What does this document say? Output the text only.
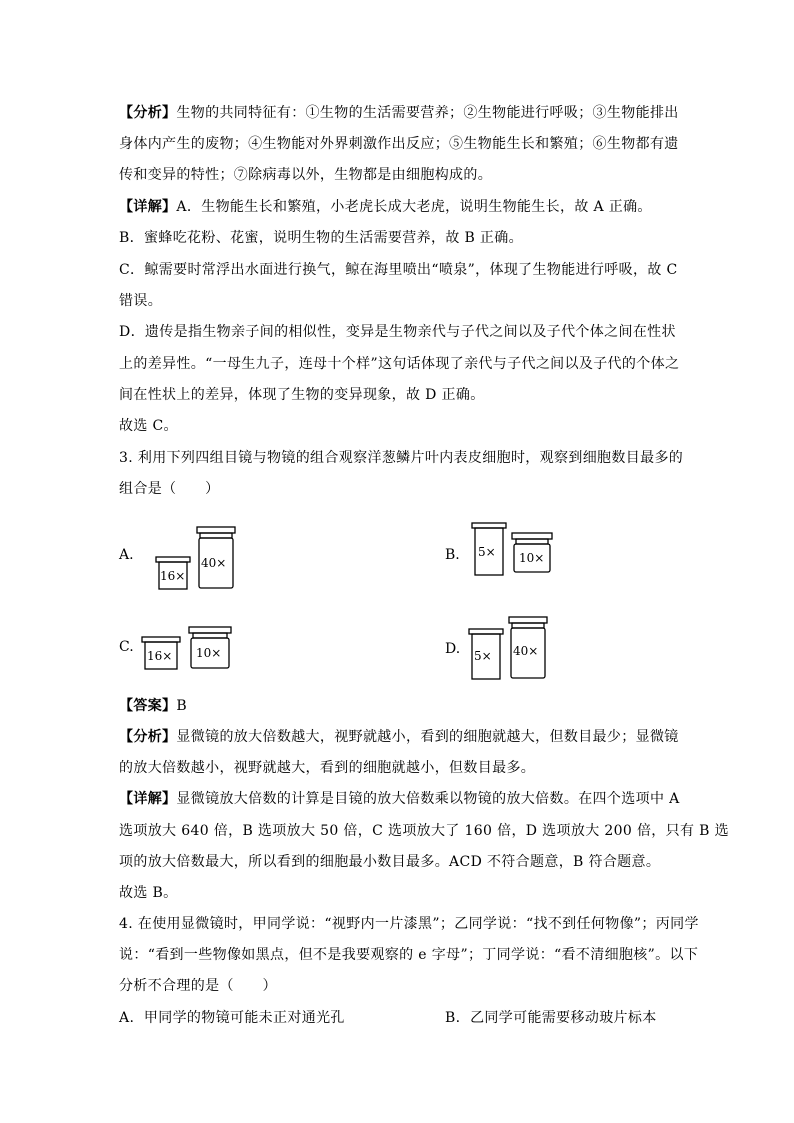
【分析】生物的共同特征有：①生物的生活需要营养；②生物能进行呼吸；③生物能排出
身体内产生的废物；④生物能对外界刺激作出反应；⑤生物能生长和繁殖；⑥生物都有遗
传和变异的特性；⑦除病毒以外，生物都是由细胞构成的。
【详解】A．生物能生长和繁殖，小老虎长成大老虎，说明生物能生长，故 A 正确。
B．蜜蜂吃花粉、花蜜，说明生物的生活需要营养，故 B 正确。
C．鲸需要时常浮出水面进行换气，鲸在海里喷出“喷泉”，体现了生物能进行呼吸，故 C
错误。
D．遗传是指生物亲子间的相似性，变异是生物亲代与子代之间以及子代个体之间在性状
上的差异性。“一母生九子，连母十个样”这句话体现了亲代与子代之间以及子代的个体之
间在性状上的差异，体现了生物的变异现象，故 D 正确。
故选 C。
3. 利用下列四组目镜与物镜的组合观察洋葱鳞片叶内表皮细胞时，观察到细胞数目最多的
组合是（　　）
A.
16×
40×	B. 5× 10×
C.
16× 10×	D. 5× 40×
【答案】B
【分析】显微镜的放大倍数越大，视野就越小，看到的细胞就越大，但数目最少；显微镜
的放大倍数越小，视野就越大，看到的细胞就越小，但数目最多。
【详解】显微镜放大倍数的计算是目镜的放大倍数乘以物镜的放大倍数。在四个选项中 A
选项放大 640 倍，B 选项放大 50 倍，C 选项放大了 160 倍，D 选项放大 200 倍，只有 B 选
项的放大倍数最大，所以看到的细胞最小数目最多。ACD 不符合题意，B 符合题意。
故选 B。
4. 在使用显微镜时，甲同学说：“视野内一片漆黑”；乙同学说：“找不到任何物像”；丙同学
说：“看到一些物像如黑点，但不是我要观察的 e 字母”；丁同学说：“看不清细胞核”。以下
分析不合理的是（　　）
A. 甲同学的物镜可能未正对通光孔	B. 乙同学可能需要移动玻片标本
